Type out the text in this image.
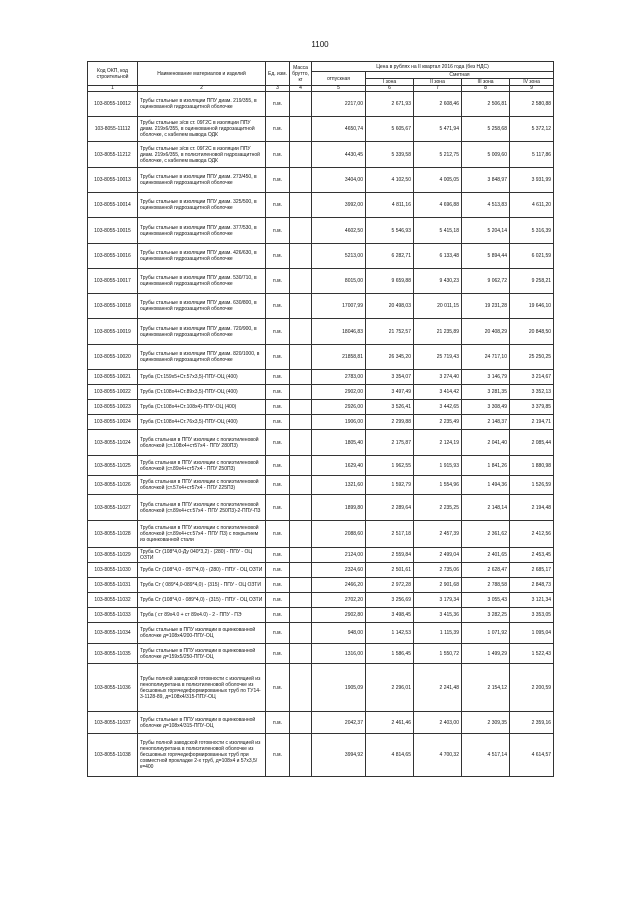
1100
Код ОКП, код строительной	Наименование материалов и изделий	Ед. изм.	Масса брутто, кг	Цена в рублях на II квартал 2016 года (без НДС)				
				отпускная	Сметная			
					I зона	II зона	III зона	IV зона
1	2	3	4	5	6	7	8	9
103-8055-10012	Трубы стальные в изоляции ППУ диам. 219/355, в оцинкованной гидрозащитной оболочке	п.м.		2217,00	2 671,93	2 608,46	2 506,81	2 580,88
103-8055-11112	Трубы стальные э/св ст. 09Г2С в изоляции ППУ диам. 219х6/355, в оцинкованной гидрозащитной оболочке, с кабелем вывода ОДК	п.м.		4650,74	5 605,67	5 471,94	5 258,68	5 372,12
103-8055-11212	Трубы стальные э/св ст. 09Г2С в изоляции ППУ диам. 219х6/355, в полиэтиленовой гидрозащитной оболочке, с кабелем вывода ОДК	п.м.		4430,45	5 339,58	5 212,75	5 009,60	5 117,86
103-8055-10013	Трубы стальные в изоляции ППУ диам. 273/450, в оцинкованной гидрозащитной оболочке	п.м.		3404,00	4 102,50	4 005,05	3 848,97	3 931,99
103-8055-10014	Трубы стальные в изоляции ППУ диам. 325/500, в оцинкованной гидрозащитной оболочке	п.м.		3992,00	4 811,16	4 696,88	4 513,83	4 611,20
103-8055-10015	Трубы стальные в изоляции ППУ диам. 377/530, в оцинкованной гидрозащитной оболочке	п.м.		4602,50	5 546,93	5 415,18	5 204,14	5 316,39
103-8055-10016	Трубы стальные в изоляции ППУ диам. 426/630, в оцинкованной гидрозащитной оболочке	п.м.		5213,00	6 282,71	6 133,48	5 894,44	6 021,59
103-8055-10017	Трубы стальные в изоляции ППУ диам. 530/710, в оцинкованной гидрозащитной оболочке	п.м.		8015,00	9 659,88	9 430,23	9 062,72	9 258,21
103-8055-10018	Трубы стальные в изоляции ППУ диам. 630/800, в оцинкованной гидрозащитной оболочке	п.м.		17007,99	20 498,03	20 011,15	19 231,28	19 646,10
103-8055-10019	Трубы стальные в изоляции ППУ диам. 720/900, в оцинкованной гидрозащитной оболочке	п.м.		18046,83	21 752,57	21 235,89	20 408,29	20 848,50
103-8055-10020	Трубы стальные в изоляции ППУ диам. 820/1000, в оцинкованной гидрозащитной оболочке	п.м.		21858,81	26 345,20	25 719,43	24 717,10	25 250,25
103-8055-10021	Труба (Ст.159х5+Ст.57х3,5)-ППУ-ОЦ (400)	п.м.		2783,00	3 354,07	3 274,40	3 146,79	3 214,67
103-8055-10022	Труба (Ст.108х4+Ст.89х3,5)-ППУ-ОЦ (400)	п.м.		2902,00	3 497,49	3 414,42	3 281,35	3 352,13
103-8055-10023	Труба (Ст.108х4+Ст.108х4)-ППУ-ОЦ (400)	п.м.		2926,00	3 526,41	3 442,65	3 308,49	3 379,85
103-8055-10024	Труба (Ст.108х4+Ст.76х3,5)-ППУ-ОЦ (400)	п.м.		1906,00	2 299,88	2 235,49	2 148,37	2 194,71
103-8055-11024	Труба стальная в ППУ изоляции с полиэтиленовой оболочкой (ст.108х4+ст57х4 - ППУ 280П3)	п.м.		1805,40	2 175,87	2 124,19	2 041,40	2 085,44
103-8055-11025	Труба стальная в ППУ изоляции с полиэтиленовой оболочкой (ст.89х4+ст57х4 - ППУ 250П3)	п.м.		1629,40	1 962,55	1 915,93	1 841,26	1 880,98
103-8055-11026	Труба стальная в ППУ изоляции с полиэтиленовой оболочкой (ст.57х4+ст57х4 - ППУ 225П3)	п.м.		1321,60	1 592,79	1 554,96	1 494,36	1 526,59
103-8055-11027	Труба стальная в ППУ изоляции с полиэтиленовой оболочкой (ст.89х4+ст.57х4 - ППУ 250П3)-2-ППУ-П3	п.м.		1899,80	2 289,64	2 235,25	2 148,14	2 194,48
103-8055-11028	Труба стальная в ППУ изоляции с полиэтиленовой оболочкой (ст.89х4+ст.57х4 - ППУ П3) с покрытием из оцинкованной стали	п.м.		2088,60	2 517,18	2 457,39	2 361,62	2 412,56
103-8055-11029	Труба Ст (108*4,0-Ду 040*3,2) - (280) - ППУ - ОЦ ОЗТИ	п.м.		2124,00	2 559,84	2 499,04	2 401,65	2 453,45
103-8055-11030	Труба Ст (108*4,0 - 057*4,0) - (280) - ППУ - ОЦ ОЗТИ	п.м.		2324,60	2 501,61	2 735,06	2 628,47	2 685,17
103-8055-11031	Труба Ст ( 089*4,0-089*4,0) - (315) - ППУ - ОЦ ОЗТИ	п.м.		2466,20	2 972,28	2 901,68	2 788,58	2 848,73
103-8055-11032	Труба Ст (108*4,0 - 089*4,0) - (315) - ППУ - ОЦ ОЗТИ	п.м.		2702,20	3 256,69	3 179,34	3 055,43	3 121,34
103-8055-11033	Труба ( ст 89х4.0 + ст 89х4.0) - 2 - ППУ - ПЭ	п.м.		2902,80	3 498,45	3 415,36	3 282,25	3 353,05
103-8055-11034	Трубы стальные в ППУ изоляции в оцинкованной оболочке д=108х4/200-ППУ-ОЦ	п.м.		948,00	1 142,53	1 115,39	1 071,92	1 095,04
103-8055-11035	Трубы стальные в ППУ изоляции в оцинкованной оболочке д=159х5/250-ППУ-ОЦ	п.м.		1316,00	1 586,45	1 550,72	1 499,29	1 522,43
103-8055-11036	Трубы полной заводской готовности с изоляцией из пенополиуретана в полиэтиленовой оболочке из бесшовных горячедеформированных труб по ТУ14-3-1128-89, д=108х4/315-ППУ-ОЦ	п.м.		1905,09	2 296,01	2 241,48	2 154,12	2 200,59
103-8055-11037	Трубы стальные в ППУ изоляции в оцинкованной оболочке д=108х4/315-ППУ-ОЦ	п.м.		2042,37	2 461,46	2 403,00	2 309,35	2 359,16
103-8055-11038	Трубы полной заводской готовности с изоляцией из пенополиуретана в полиэтиленовой оболочке из бесшовных горячедеформированных труб при совместной прокладке 2-х труб, д=108х4 и 57х3,5/к=400	п.м.		3994,92	4 814,65	4 700,32	4 517,14	4 614,57
